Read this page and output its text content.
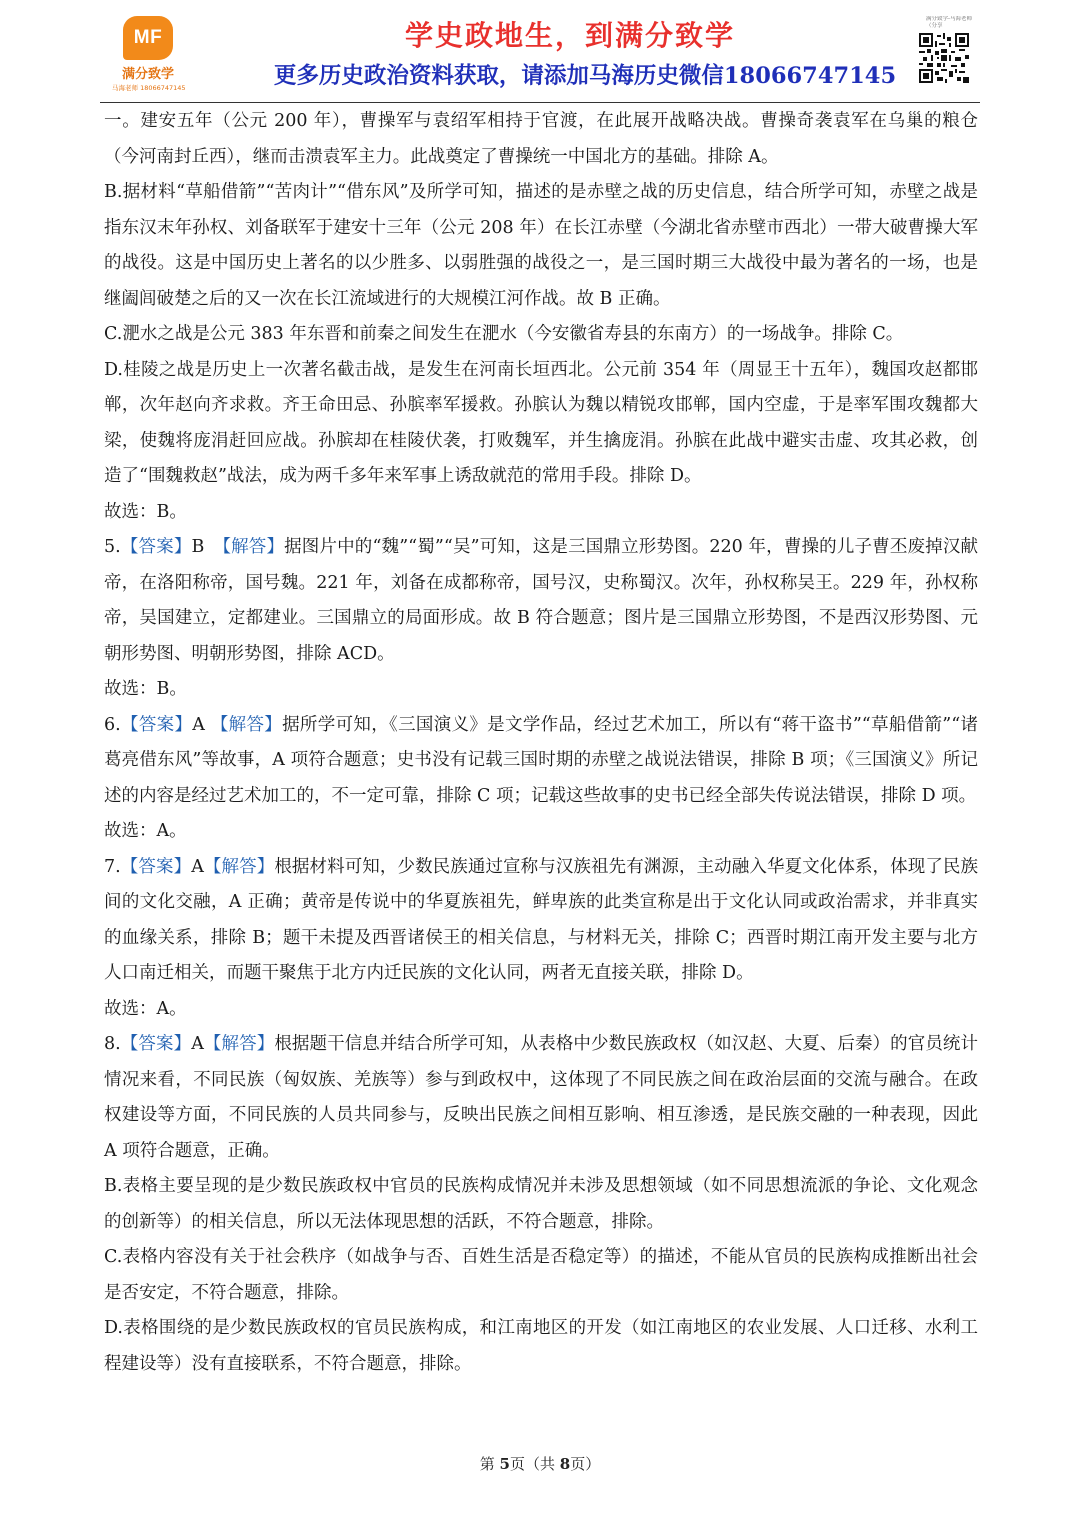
MF
满分致学
马海老师 18066747145
学史政地生，到满分致学
更多历史政治资料获取，请添加马海历史微信18066747145
满分致学-马海老师（分享

一。建安五年（公元 200 年），曹操军与袁绍军相持于官渡，在此展开战略决战。曹操奇袭袁军在乌巢的粮仓（今河南封丘西），继而击溃袁军主力。此战奠定了曹操统一中国北方的基础。排除 A。

B.据材料“草船借箭”“苦肉计”“借东风”及所学可知，描述的是赤壁之战的历史信息，结合所学可知，赤壁之战是指东汉末年孙权、刘备联军于建安十三年（公元 208 年）在长江赤壁（今湖北省赤壁市西北）一带大破曹操大军的战役。这是中国历史上著名的以少胜多、以弱胜强的战役之一，是三国时期三大战役中最为著名的一场，也是继阖闾破楚之后的又一次在长江流域进行的大规模江河作战。故 B 正确。

C.淝水之战是公元 383 年东晋和前秦之间发生在淝水（今安徽省寿县的东南方）的一场战争。排除 C。

D.桂陵之战是历史上一次著名截击战，是发生在河南长垣西北。公元前 354 年（周显王十五年），魏国攻赵都邯郸，次年赵向齐求救。齐王命田忌、孙膑率军援救。孙膑认为魏以精锐攻邯郸，国内空虚，于是率军围攻魏都大梁，使魏将庞涓赶回应战。孙膑却在桂陵伏袭，打败魏军，并生擒庞涓。孙膑在此战中避实击虚、攻其必救，创造了“围魏救赵”战法，成为两千多年来军事上诱敌就范的常用手段。排除 D。

故选：B。

5.【答案】B　【解答】据图片中的“魏”“蜀”“吴”可知，这是三国鼎立形势图。220 年，曹操的儿子曹丕废掉汉献帝，在洛阳称帝，国号魏。221 年，刘备在成都称帝，国号汉，史称蜀汉。次年，孙权称吴王。229 年，孙权称帝，吴国建立，定都建业。三国鼎立的局面形成。故 B 符合题意；图片是三国鼎立形势图，不是西汉形势图、元朝形势图、明朝形势图，排除 ACD。

故选：B。

6.【答案】A 【解答】据所学可知，《三国演义》是文学作品，经过艺术加工，所以有“蒋干盗书”“草船借箭”“诸葛亮借东风”等故事，A 项符合题意；史书没有记载三国时期的赤壁之战说法错误，排除 B 项；《三国演义》所记述的内容是经过艺术加工的，不一定可靠，排除 C 项；记载这些故事的史书已经全部失传说法错误，排除 D 项。

故选：A。

7.【答案】A【解答】根据材料可知，少数民族通过宣称与汉族祖先有渊源，主动融入华夏文化体系，体现了民族间的文化交融，A 正确；黄帝是传说中的华夏族祖先，鲜卑族的此类宣称是出于文化认同或政治需求，并非真实的血缘关系，排除 B；题干未提及西晋诸侯王的相关信息，与材料无关，排除 C；西晋时期江南开发主要与北方人口南迁相关，而题干聚焦于北方内迁民族的文化认同，两者无直接关联，排除 D。

故选：A。

8.【答案】A【解答】根据题干信息并结合所学可知，从表格中少数民族政权（如汉赵、大夏、后秦）的官员统计情况来看，不同民族（匈奴族、羌族等）参与到政权中，这体现了不同民族之间在政治层面的交流与融合。在政权建设等方面，不同民族的人员共同参与，反映出民族之间相互影响、相互渗透，是民族交融的一种表现，因此 A 项符合题意，正确。

B.表格主要呈现的是少数民族政权中官员的民族构成情况并未涉及思想领域（如不同思想流派的争论、文化观念的创新等）的相关信息，所以无法体现思想的活跃，不符合题意，排除。

C.表格内容没有关于社会秩序（如战争与否、百姓生活是否稳定等）的描述，不能从官员的民族构成推断出社会是否安定，不符合题意，排除。

D.表格围绕的是少数民族政权的官员民族构成，和江南地区的开发（如江南地区的农业发展、人口迁移、水利工程建设等）没有直接联系，不符合题意，排除。

第 5页（共 8页）
